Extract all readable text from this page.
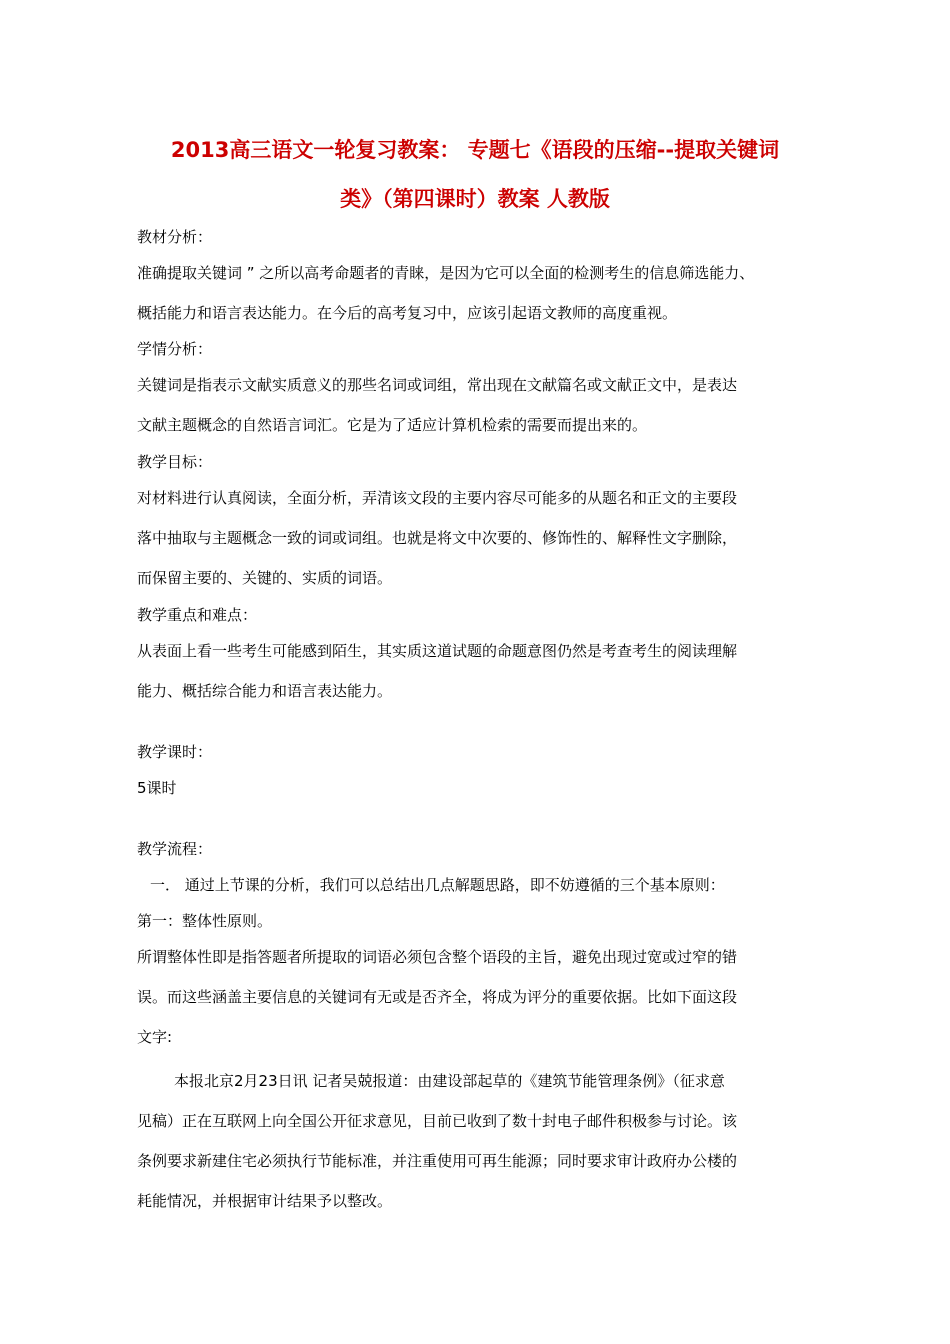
2013高三语文一轮复习教案： 专题七《语段的压缩--提取关键词
类》（第四课时）教案 人教版
教材分析：
准确提取关键词 ” 之所以高考命题者的青睐，是因为它可以全面的检测考生的信息筛选能力、
概括能力和语言表达能力。在今后的高考复习中，应该引起语文教师的高度重视。
学情分析：
关键词是指表示文献实质意义的那些名词或词组，常出现在文献篇名或文献正文中，是表达
文献主题概念的自然语言词汇。它是为了适应计算机检索的需要而提出来的。
教学目标：
对材料进行认真阅读，全面分析，弄清该文段的主要内容尽可能多的从题名和正文的主要段
落中抽取与主题概念一致的词或词组。也就是将文中次要的、修饰性的、解释性文字删除，
而保留主要的、关键的、实质的词语。
教学重点和难点：
从表面上看一些考生可能感到陌生，其实质这道试题的命题意图仍然是考查考生的阅读理解
能力、概括综合能力和语言表达能力。
教学课时：
5课时
教学流程：
一． 通过上节课的分析，我们可以总结出几点解题思路，即不妨遵循的三个基本原则：
第一：整体性原则。
所谓整体性即是指答题者所提取的词语必须包含整个语段的主旨，避免出现过宽或过窄的错
误。而这些涵盖主要信息的关键词有无或是否齐全，将成为评分的重要依据。比如下面这段
文字:
本报北京2月23日讯 记者吴兢报道：由建设部起草的《建筑节能管理条例》（征求意
见稿）正在互联网上向全国公开征求意见，目前已收到了数十封电子邮件积极参与讨论。该
条例要求新建住宅必须执行节能标准，并注重使用可再生能源；同时要求审计政府办公楼的
耗能情况，并根据审计结果予以整改。
